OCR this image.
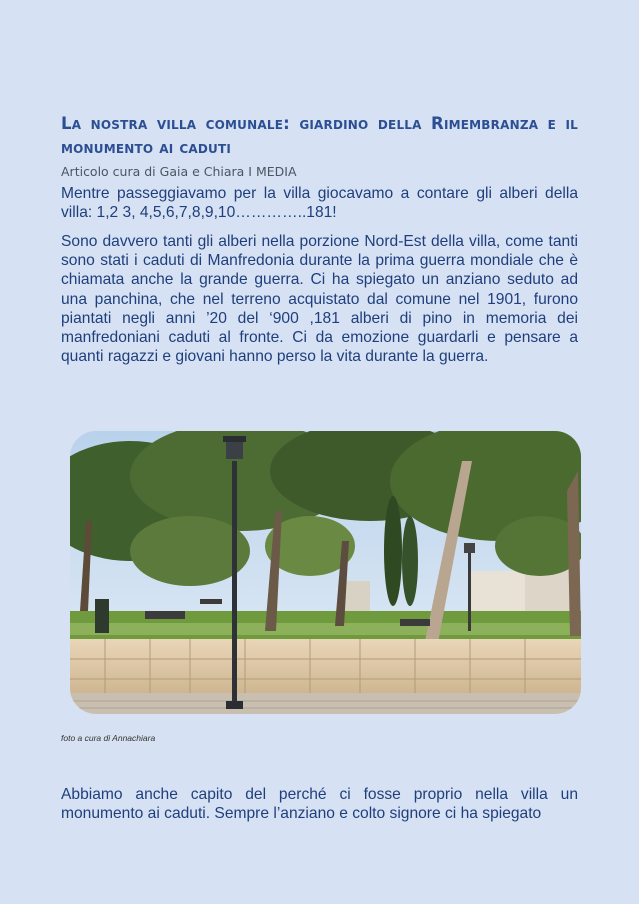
La nostra villa comunale: giardino della Rimembranza e il monumento ai caduti
Articolo cura di Gaia e Chiara I MEDIA

Mentre passeggiavamo per la villa giocavamo a contare gli alberi della villa: 1,2 3, 4,5,6,7,8,9,10…………..181!

Sono davvero tanti gli alberi nella porzione Nord-Est della villa, come tanti sono stati i caduti di Manfredonia durante la prima guerra mondiale che è chiamata anche la grande guerra. Ci ha spiegato un anziano seduto ad una panchina, che nel terreno acquistato dal comune nel 1901, furono piantati negli anni ’20 del ‘900 ,181 alberi di pino in memoria dei manfredoniani caduti al fronte. Ci da emozione guardarli e pensare a quanti ragazzi e giovani hanno perso la vita durante la guerra.

foto a cura di Annachiara

Abbiamo anche capito del perché ci fosse proprio nella villa un monumento ai caduti. Sempre l’anziano e colto signore ci ha spiegato
